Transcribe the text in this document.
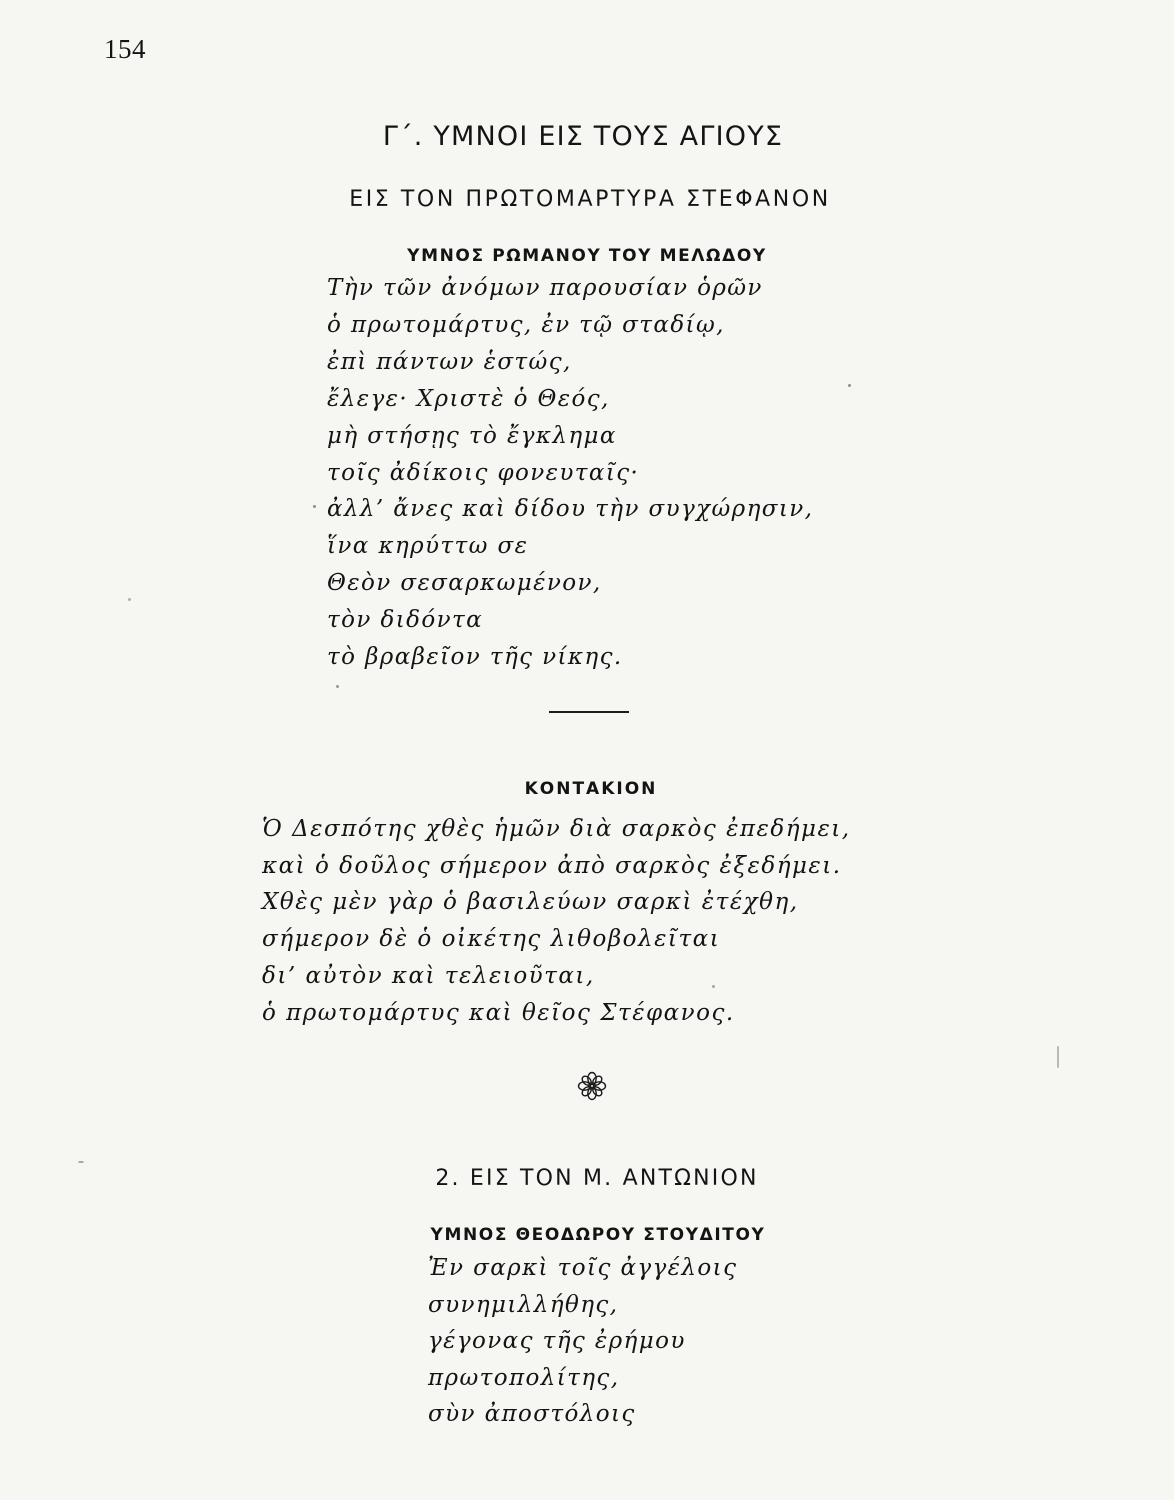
154
Γ΄. ΥΜΝΟΙ ΕΙΣ ΤΟΥΣ ΑΓΙΟΥΣ
ΕΙΣ ΤΟΝ ΠΡΩΤΟΜΑΡΤΥΡΑ ΣΤΕΦΑΝΟΝ
ΥΜΝΟΣ ΡΩΜΑΝΟΥ ΤΟΥ ΜΕΛΩΔΟΥ
Τὴν τῶν ἀνόμων παρουσίαν ὁρῶν
ὁ πρωτομάρτυς, ἐν τῷ σταδίῳ,
ἐπὶ πάντων ἑστώς,
ἔλεγε· Χριστὲ ὁ Θεός,
μὴ στήσῃς τὸ ἔγκλημα
τοῖς ἀδίκοις φονευταῖς·
ἀλλ’ ἄνες καὶ δίδου τὴν συγχώρησιν,
ἵνα κηρύττω σε
Θεὸν σεσαρκωμένον,
τὸν διδόντα
τὸ βραβεῖον τῆς νίκης.
ΚΟΝΤΑΚΙΟΝ
Ὁ Δεσπότης χθὲς ἡμῶν διὰ σαρκὸς ἐπεδήμει,
καὶ ὁ δοῦλος σήμερον ἀπὸ σαρκὸς ἐξεδήμει.
Χθὲς μὲν γὰρ ὁ βασιλεύων σαρκὶ ἐτέχθη,
σήμερον δὲ ὁ οἰκέτης λιθοβολεῖται
δι’ αὐτὸν καὶ τελειοῦται,
ὁ πρωτομάρτυς καὶ θεῖος Στέφανος.
2. ΕΙΣ ΤΟΝ Μ. ΑΝΤΩΝΙΟΝ
ΥΜΝΟΣ ΘΕΟΔΩΡΟΥ ΣΤΟΥΔΙΤΟΥ
Ἐν σαρκὶ τοῖς ἀγγέλοις
συνημιλλήθης,
γέγονας τῆς ἐρήμου
πρωτοπολίτης,
σὺν ἀποστόλοις
